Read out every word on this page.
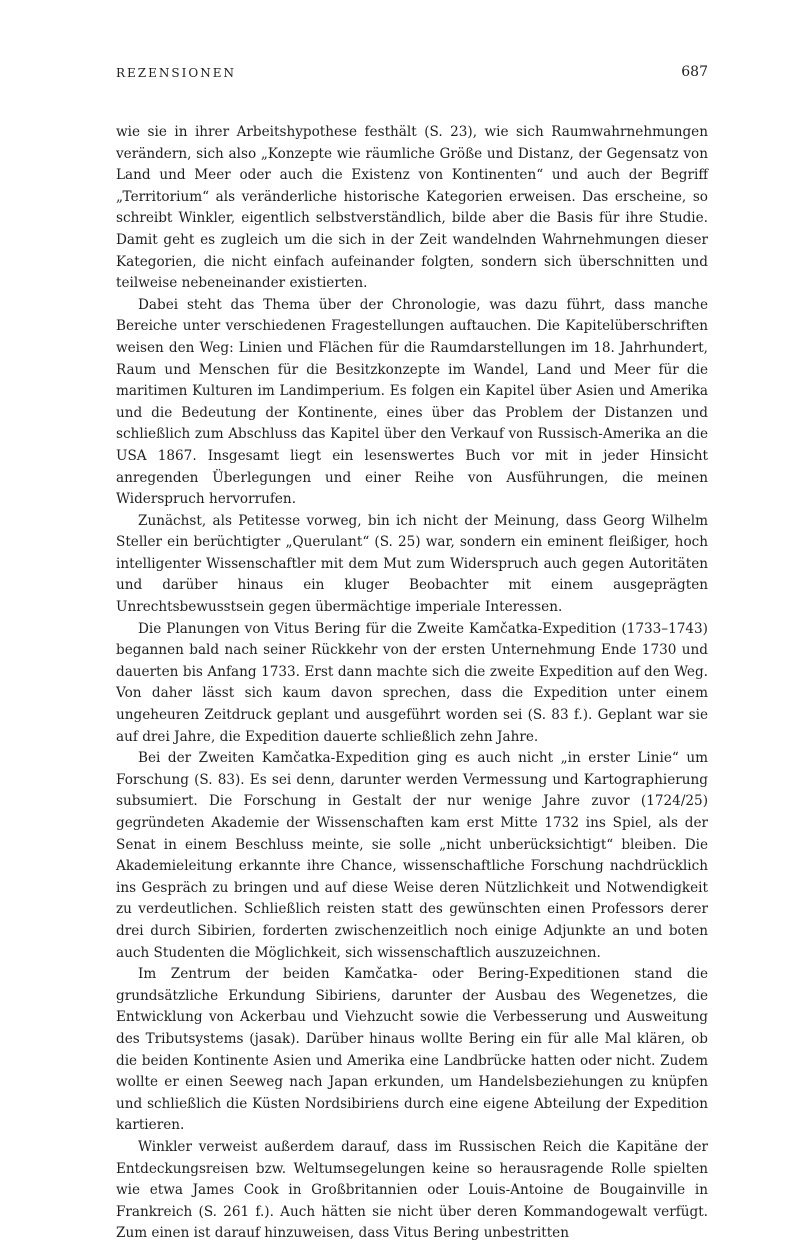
REZENSIONEN	687

wie sie in ihrer Arbeitshypothese festhält (S. 23), wie sich Raumwahrnehmungen verändern, sich also „Konzepte wie räumliche Größe und Distanz, der Gegensatz von Land und Meer oder auch die Existenz von Kontinenten“ und auch der Begriff „Territorium“ als veränderliche historische Kategorien erweisen. Das erscheine, so schreibt Winkler, eigentlich selbstverständlich, bilde aber die Basis für ihre Studie. Damit geht es zugleich um die sich in der Zeit wandelnden Wahrnehmungen dieser Kategorien, die nicht einfach aufeinander folgten, sondern sich überschnitten und teilweise nebeneinander existierten.

Dabei steht das Thema über der Chronologie, was dazu führt, dass manche Bereiche unter verschiedenen Fragestellungen auftauchen. Die Kapitelüberschriften weisen den Weg: Linien und Flächen für die Raumdarstellungen im 18. Jahrhundert, Raum und Menschen für die Besitzkonzepte im Wandel, Land und Meer für die maritimen Kulturen im Landimperium. Es folgen ein Kapitel über Asien und Amerika und die Bedeutung der Kontinente, eines über das Problem der Distanzen und schließlich zum Abschluss das Kapitel über den Verkauf von Russisch-Amerika an die USA 1867. Insgesamt liegt ein lesenswertes Buch vor mit in jeder Hinsicht anregenden Überlegungen und einer Reihe von Ausführungen, die meinen Widerspruch hervorrufen.

Zunächst, als Petitesse vorweg, bin ich nicht der Meinung, dass Georg Wilhelm Steller ein berüchtigter „Querulant“ (S. 25) war, sondern ein eminent fleißiger, hoch intelligenter Wissenschaftler mit dem Mut zum Widerspruch auch gegen Autoritäten und darüber hinaus ein kluger Beobachter mit einem ausgeprägten Unrechtsbewusstsein gegen übermächtige imperiale Interessen.

Die Planungen von Vitus Bering für die Zweite Kamčatka-Expedition (1733–1743) begannen bald nach seiner Rückkehr von der ersten Unternehmung Ende 1730 und dauerten bis Anfang 1733. Erst dann machte sich die zweite Expedition auf den Weg. Von daher lässt sich kaum davon sprechen, dass die Expedition unter einem ungeheuren Zeitdruck geplant und ausgeführt worden sei (S. 83 f.). Geplant war sie auf drei Jahre, die Expedition dauerte schließlich zehn Jahre.

Bei der Zweiten Kamčatka-Expedition ging es auch nicht „in erster Linie“ um Forschung (S. 83). Es sei denn, darunter werden Vermessung und Kartographierung subsumiert. Die Forschung in Gestalt der nur wenige Jahre zuvor (1724/25) gegründeten Akademie der Wissenschaften kam erst Mitte 1732 ins Spiel, als der Senat in einem Beschluss meinte, sie solle „nicht unberücksichtigt“ bleiben. Die Akademieleitung erkannte ihre Chance, wissenschaftliche Forschung nachdrücklich ins Gespräch zu bringen und auf diese Weise deren Nützlichkeit und Notwendigkeit zu verdeutlichen. Schließlich reisten statt des gewünschten einen Professors derer drei durch Sibirien, forderten zwischenzeitlich noch einige Adjunkte an und boten auch Studenten die Möglichkeit, sich wissenschaftlich auszuzeichnen.

Im Zentrum der beiden Kamčatka- oder Bering-Expeditionen stand die grundsätzliche Erkundung Sibiriens, darunter der Ausbau des Wegenetzes, die Entwicklung von Ackerbau und Viehzucht sowie die Verbesserung und Ausweitung des Tributsystems (jasak). Darüber hinaus wollte Bering ein für alle Mal klären, ob die beiden Kontinente Asien und Amerika eine Landbrücke hatten oder nicht. Zudem wollte er einen Seeweg nach Japan erkunden, um Handelsbeziehungen zu knüpfen und schließlich die Küsten Nordsibiriens durch eine eigene Abteilung der Expedition kartieren.

Winkler verweist außerdem darauf, dass im Russischen Reich die Kapitäne der Entdeckungsreisen bzw. Weltumsegelungen keine so herausragende Rolle spielten wie etwa James Cook in Großbritannien oder Louis-Antoine de Bougainville in Frankreich (S. 261 f.). Auch hätten sie nicht über deren Kommandogewalt verfügt. Zum einen ist darauf hinzuweisen, dass Vitus Bering unbestritten
